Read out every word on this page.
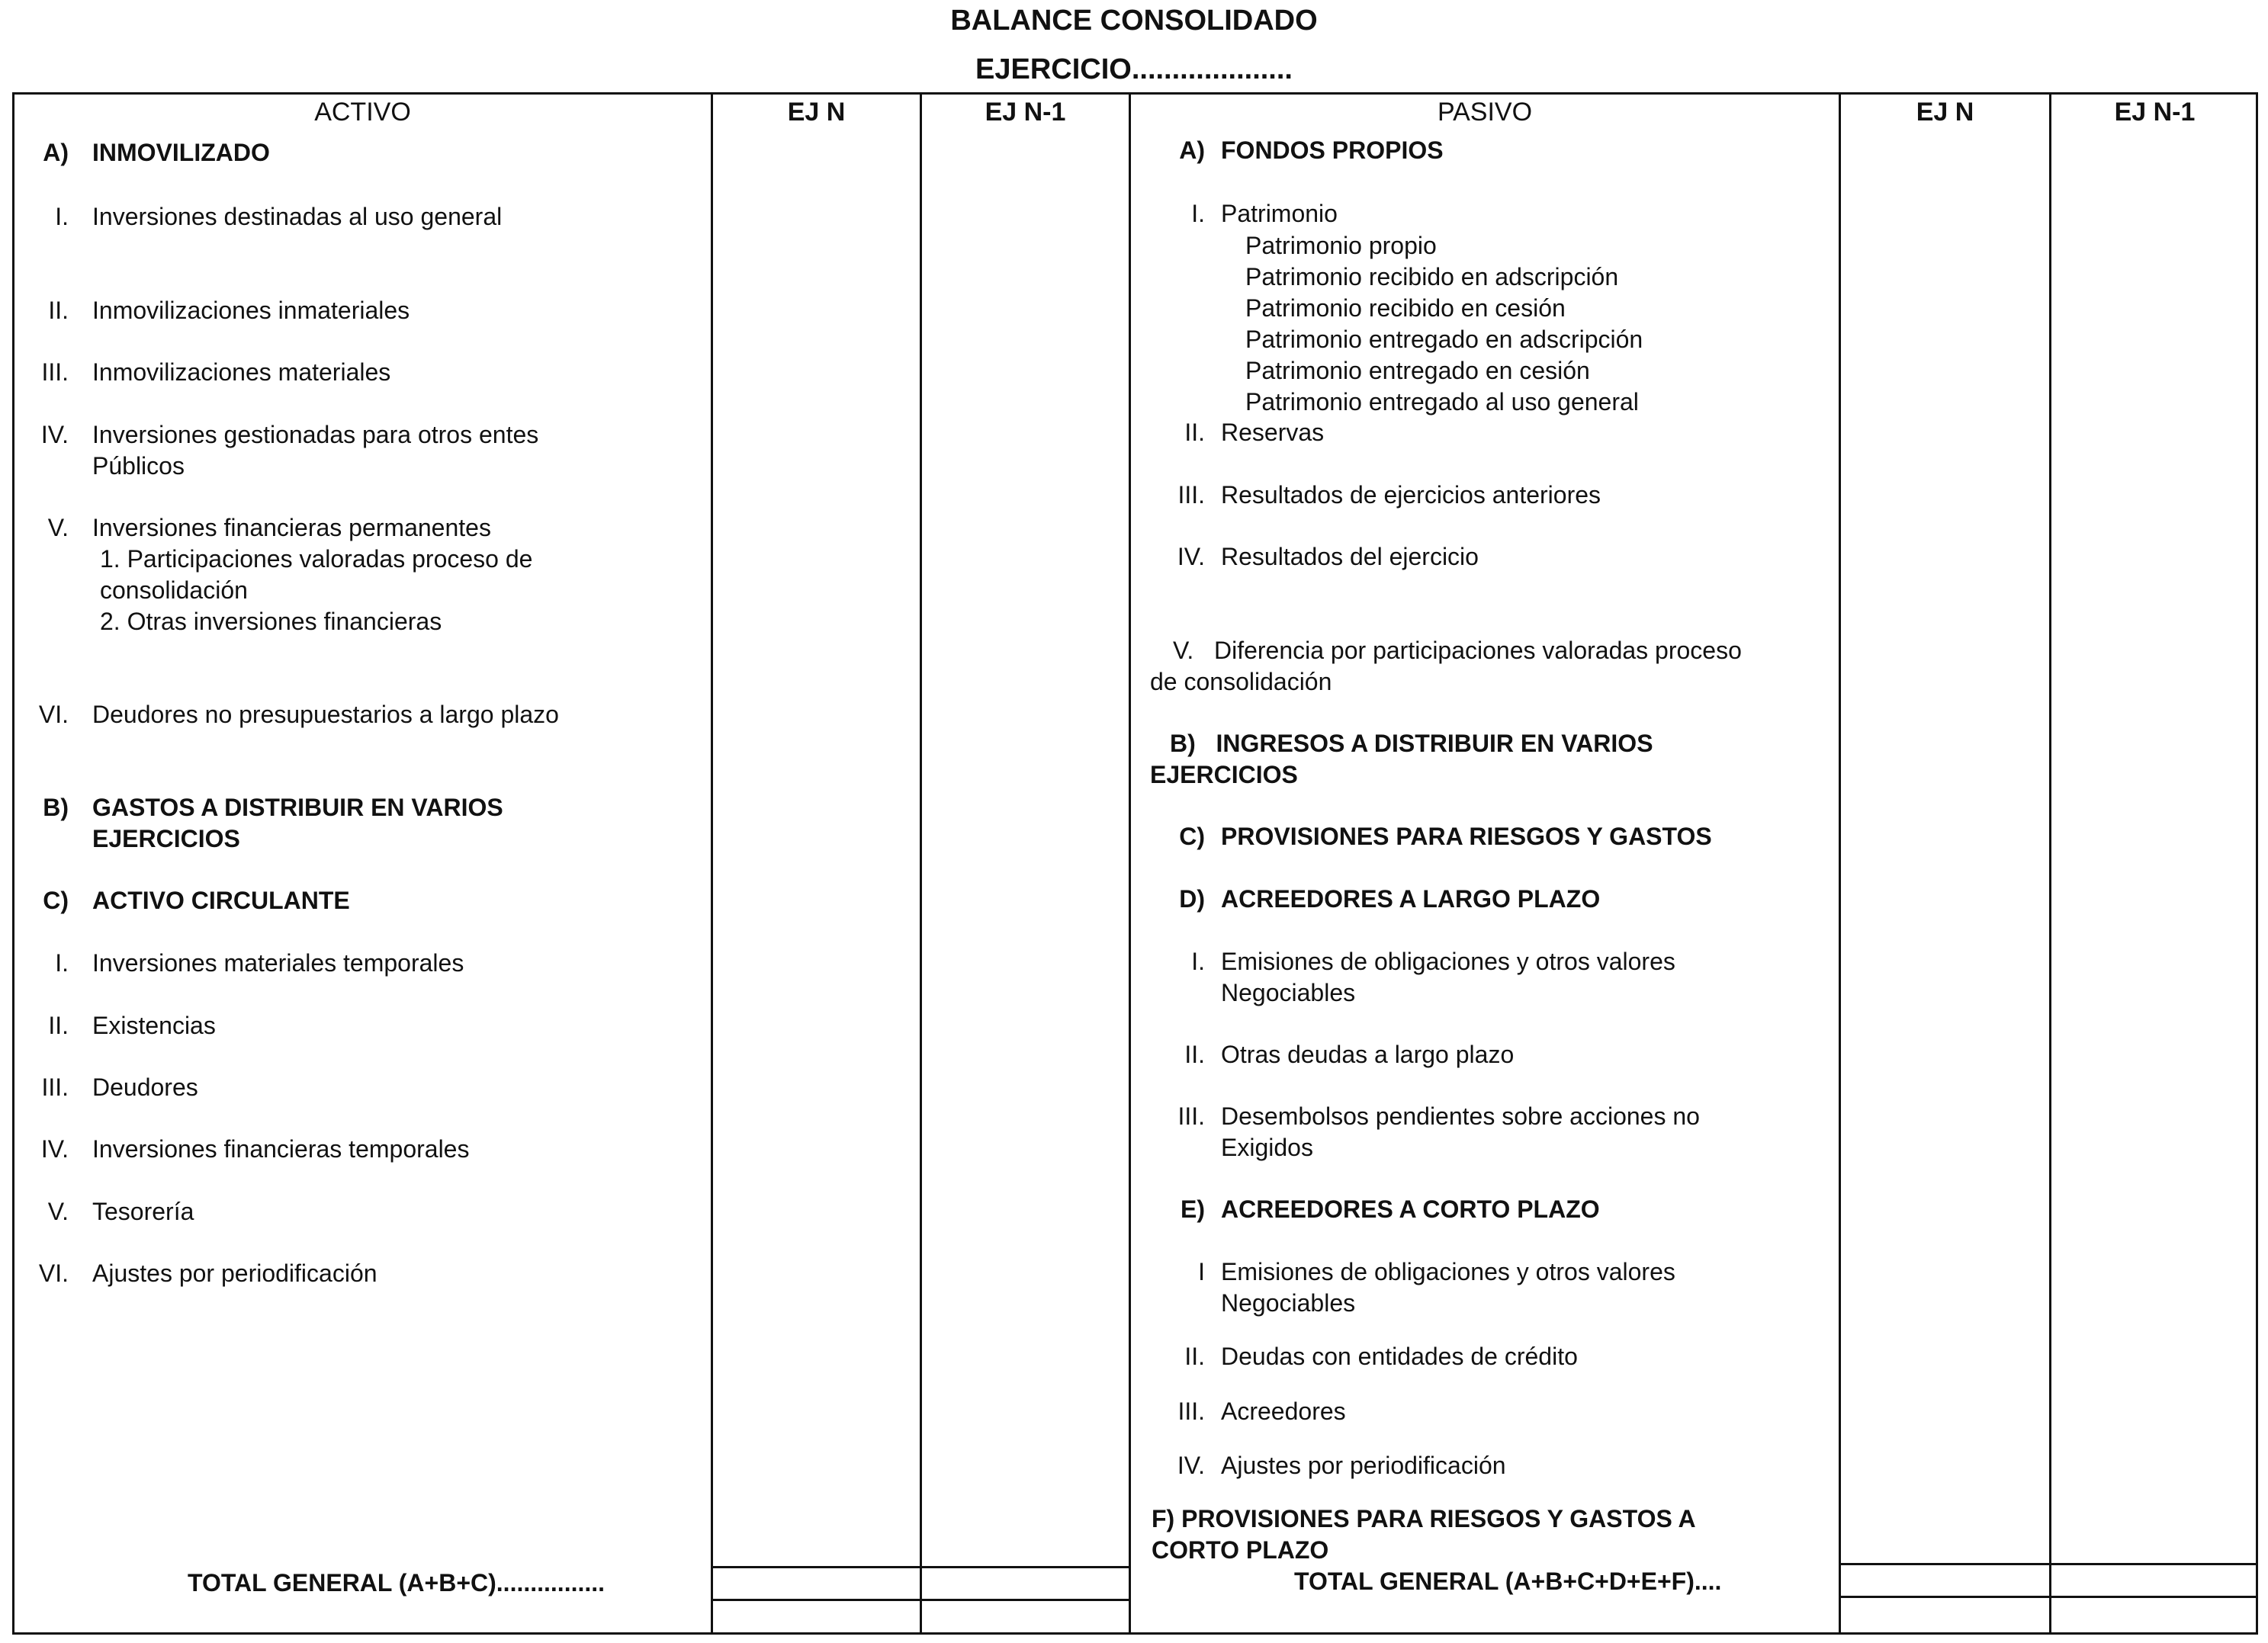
BALANCE CONSOLIDADO
EJERCICIO....................
ACTIVO	EJ N	EJ N-1	PASIVO	EJ N	EJ N-1
A) INMOVILIZADO
I. Inversiones destinadas al uso general
II. Inmovilizaciones inmateriales
III. Inmovilizaciones materiales
IV. Inversiones gestionadas para otros entes
Públicos
V. Inversiones financieras permanentes
1. Participaciones valoradas proceso de
consolidación
2. Otras inversiones financieras
VI. Deudores no presupuestarios a largo plazo
B) GASTOS A DISTRIBUIR EN VARIOS
EJERCICIOS
C) ACTIVO CIRCULANTE
I. Inversiones materiales temporales
II. Existencias
III. Deudores
IV. Inversiones financieras temporales
V. Tesorería
VI. Ajustes por periodificación
TOTAL GENERAL (A+B+C)................
A) FONDOS PROPIOS
I. Patrimonio
Patrimonio propio
Patrimonio recibido en adscripción
Patrimonio recibido en cesión
Patrimonio entregado en adscripción
Patrimonio entregado en cesión
Patrimonio entregado al uso general
II. Reservas
III. Resultados de ejercicios anteriores
IV. Resultados del ejercicio
V.   Diferencia por participaciones valoradas proceso
de consolidación
B)   INGRESOS A DISTRIBUIR EN VARIOS
EJERCICIOS
C) PROVISIONES PARA RIESGOS Y GASTOS
D) ACREEDORES A LARGO PLAZO
I. Emisiones de obligaciones y otros valores
Negociables
II. Otras deudas a largo plazo
III. Desembolsos pendientes sobre acciones no
Exigidos
E) ACREEDORES A CORTO PLAZO
I Emisiones de obligaciones y otros valores
Negociables
II. Deudas con entidades de crédito
III. Acreedores
IV. Ajustes por periodificación
F) PROVISIONES PARA RIESGOS Y GASTOS A
CORTO PLAZO
TOTAL GENERAL (A+B+C+D+E+F)....
